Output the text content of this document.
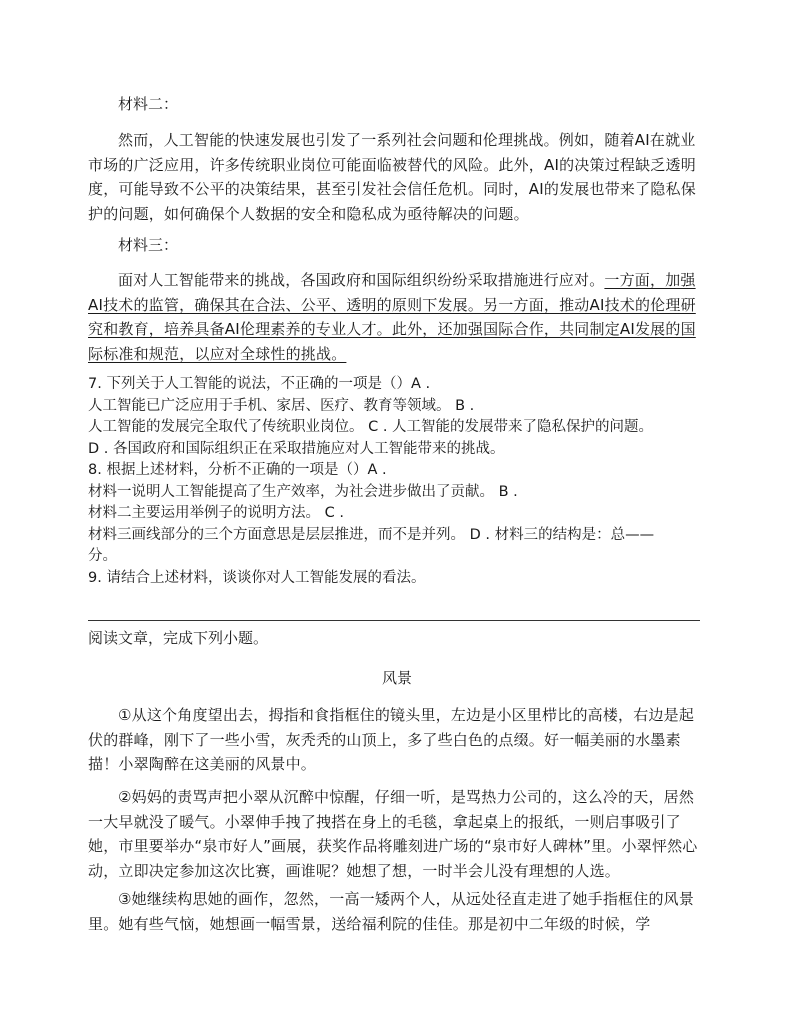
材料二：

然而，人工智能的快速发展也引发了一系列社会问题和伦理挑战。例如，随着AI在就业市场的广泛应用，许多传统职业岗位可能面临被替代的风险。此外，AI的决策过程缺乏透明度，可能导致不公平的决策结果，甚至引发社会信任危机。同时，AI的发展也带来了隐私保护的问题，如何确保个人数据的安全和隐私成为亟待解决的问题。

材料三：

面对人工智能带来的挑战，各国政府和国际组织纷纷采取措施进行应对。一方面，加强AI技术的监管，确保其在合法、公平、透明的原则下发展。另一方面，推动AI技术的伦理研究和教育，培养具备AI伦理素养的专业人才。此外，还加强国际合作，共同制定AI发展的国际标准和规范，以应对全球性的挑战。

7. 下列关于人工智能的说法，不正确的一项是（）A .
人工智能已广泛应用于手机、家居、医疗、教育等领域。 B .
人工智能的发展完全取代了传统职业岗位。 C . 人工智能的发展带来了隐私保护的问题。
D . 各国政府和国际组织正在采取措施应对人工智能带来的挑战。
8. 根据上述材料，分析不正确的一项是（）A .
材料一说明人工智能提高了生产效率，为社会进步做出了贡献。 B .
材料二主要运用举例子的说明方法。 C .
材料三画线部分的三个方面意思是层层推进，而不是并列。 D . 材料三的结构是：总——
分。
9. 请结合上述材料，谈谈你对人工智能发展的看法。
阅读文章，完成下列小题。
风景

①从这个角度望出去，拇指和食指框住的镜头里，左边是小区里栉比的高楼，右边是起伏的群峰，刚下了一些小雪，灰秃秃的山顶上，多了些白色的点缀。好一幅美丽的水墨素描！小翠陶醉在这美丽的风景中。

②妈妈的责骂声把小翠从沉醉中惊醒，仔细一听，是骂热力公司的，这么冷的天，居然一大早就没了暖气。小翠伸手拽了拽搭在身上的毛毯，拿起桌上的报纸，一则启事吸引了她，市里要举办“泉市好人”画展，获奖作品将雕刻进广场的“泉市好人碑林”里。小翠怦然心动，立即决定参加这次比赛，画谁呢？她想了想，一时半会儿没有理想的人选。

③她继续构思她的画作，忽然，一高一矮两个人，从远处径直走进了她手指框住的风景里。她有些气恼，她想画一幅雪景，送给福利院的佳佳。那是初中二年级的时候，学
